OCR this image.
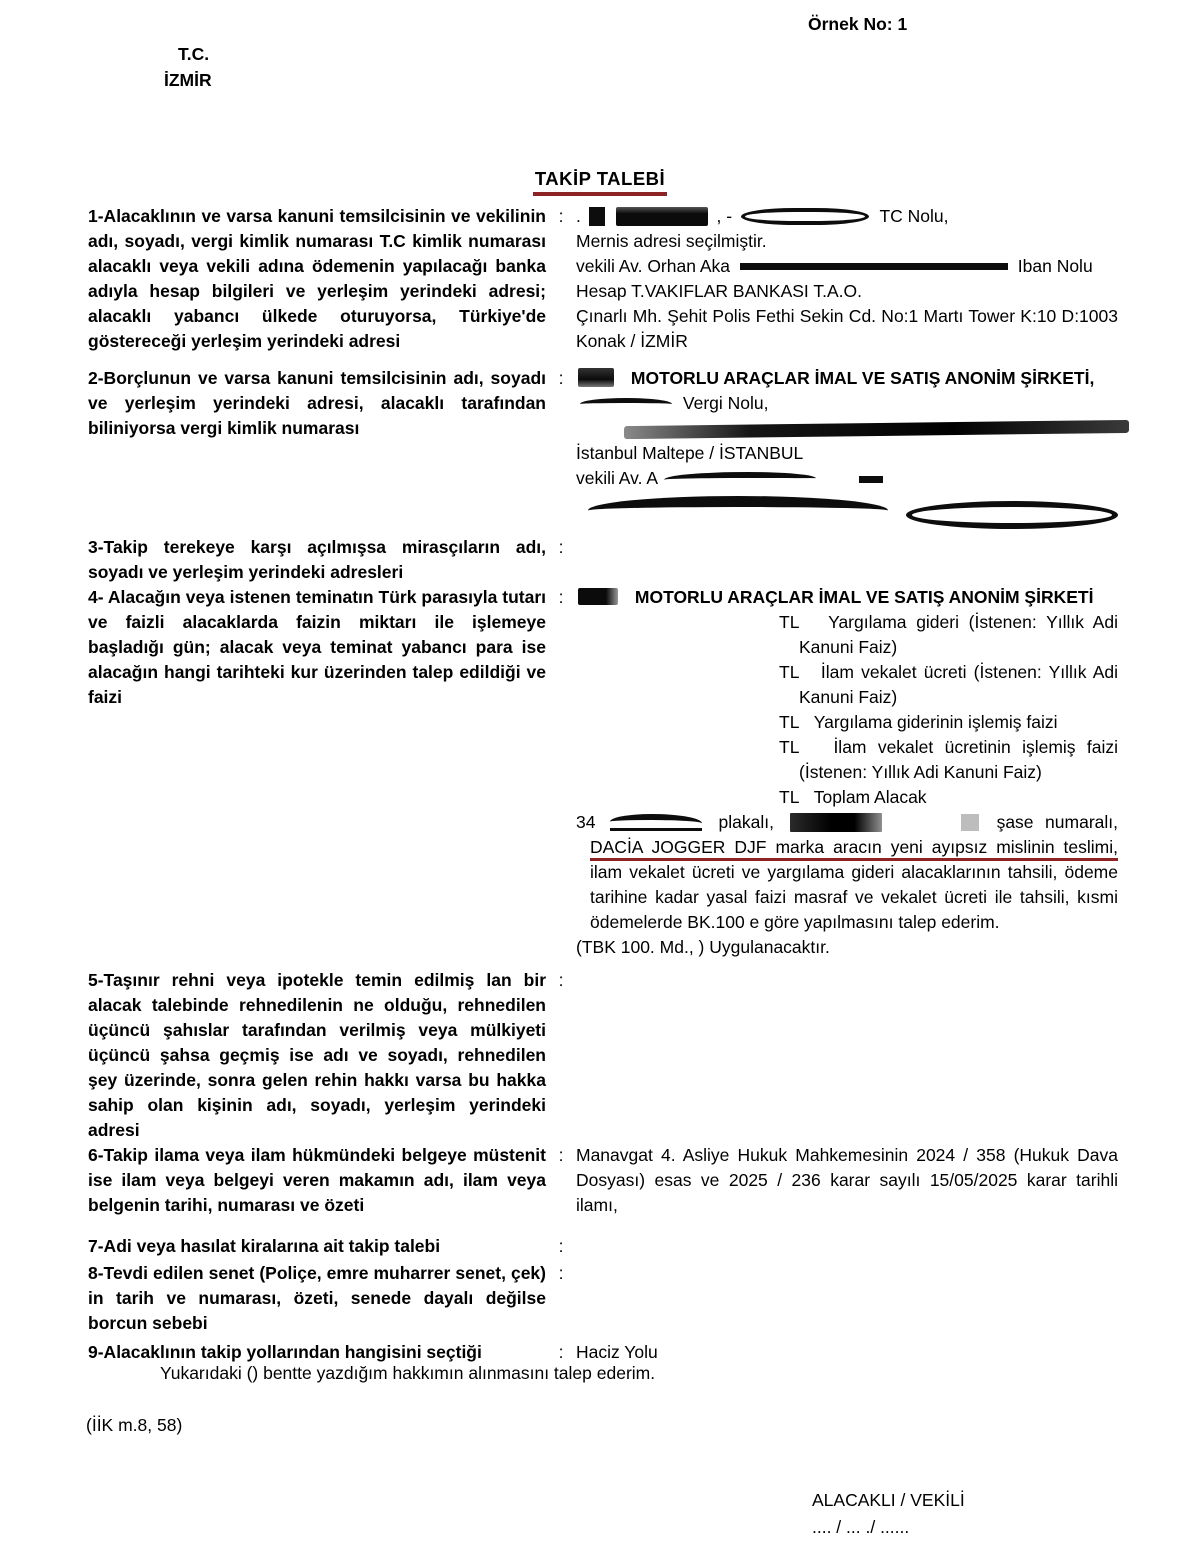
Örnek No: 1
T.C.
İZMİR
TAKİP TALEBİ
1-Alacaklının ve varsa kanuni temsilcisinin ve vekilinin adı, soyadı, vergi kimlik numarası T.C kimlik numarası alacaklı veya vekili adına ödemenin yapılacağı banka adıyla hesap bilgileri ve yerleşim yerindeki adresi; alacaklı yabancı ülkede oturuyorsa, Türkiye'de göstereceği yerleşim yerindeki adresi
: .	, -	TC Nolu,
Mernis adresi seçilmiştir.
vekili Av. Orhan Aka	Iban Nolu
Hesap T.VAKIFLAR BANKASI T.A.O.
Çınarlı Mh. Şehit Polis Fethi Sekin Cd. No:1 Martı Tower K:10 D:1003 Konak / İZMİR
2-Borçlunun ve varsa kanuni temsilcisinin adı, soyadı ve yerleşim yerindeki adresi, alacaklı tarafından biliniyorsa vergi kimlik numarası
:	MOTORLU ARAÇLAR İMAL VE SATIŞ ANONİM ŞİRKETİ,
Vergi Nolu,
İstanbul Maltepe / İSTANBUL
vekili Av. A
3-Takip terekeye karşı açılmışsa mirasçıların adı, soyadı ve yerleşim yerindeki adresleri
:
4- Alacağın veya istenen teminatın Türk parasıyla tutarı ve faizli alacaklarda faizin miktarı ile işlemeye başladığı gün; alacak veya teminat yabancı para ise alacağın hangi tarihteki kur üzerinden talep edildiği ve faizi
:	MOTORLU ARAÇLAR İMAL VE SATIŞ ANONİM ŞİRKETİ
TL Yargılama gideri (İstenen: Yıllık Adi Kanuni Faiz)
TL İlam vekalet ücreti (İstenen: Yıllık Adi Kanuni Faiz)
TL Yargılama giderinin işlemiş faizi
TL İlam vekalet ücretinin işlemiş faizi (İstenen: Yıllık Adi Kanuni Faiz)
TL Toplam Alacak
34	plakalı,	şase numaralı, DACİA JOGGER DJF marka aracın yeni ayıpsız mislinin teslimi, ilam vekalet ücreti ve yargılama gideri alacaklarının tahsili, ödeme tarihine kadar yasal faizi masraf ve vekalet ücreti ile tahsili, kısmi ödemelerde BK.100 e göre yapılmasını talep ederim.
(TBK 100. Md., ) Uygulanacaktır.
5-Taşınır rehni veya ipotekle temin edilmiş lan bir alacak talebinde rehnedilenin ne olduğu, rehnedilen üçüncü şahıslar tarafından verilmiş veya mülkiyeti üçüncü şahsa geçmiş ise adı ve soyadı, rehnedilen şey üzerinde, sonra gelen rehin hakkı varsa bu hakka sahip olan kişinin adı, soyadı, yerleşim yerindeki adresi
:
6-Takip ilama veya ilam hükmündeki belgeye müstenit ise ilam veya belgeyi veren makamın adı, ilam veya belgenin tarihi, numarası ve özeti
: Manavgat 4. Asliye Hukuk Mahkemesinin 2024 / 358 (Hukuk Dava Dosyası) esas ve 2025 / 236 karar sayılı 15/05/2025 karar tarihli ilamı,
7-Adi veya hasılat kiralarına ait takip talebi	:
8-Tevdi edilen senet (Poliçe, emre muharrer senet, çek) in tarih ve numarası, özeti, senede dayalı değilse borcun sebebi
:
9-Alacaklının takip yollarından hangisini seçtiği	: Haciz Yolu
Yukarıdaki () bentte yazdığım hakkımın alınmasını talep ederim.
(İİK m.8, 58)
ALACAKLI / VEKİLİ
.... / ... ./ ......
